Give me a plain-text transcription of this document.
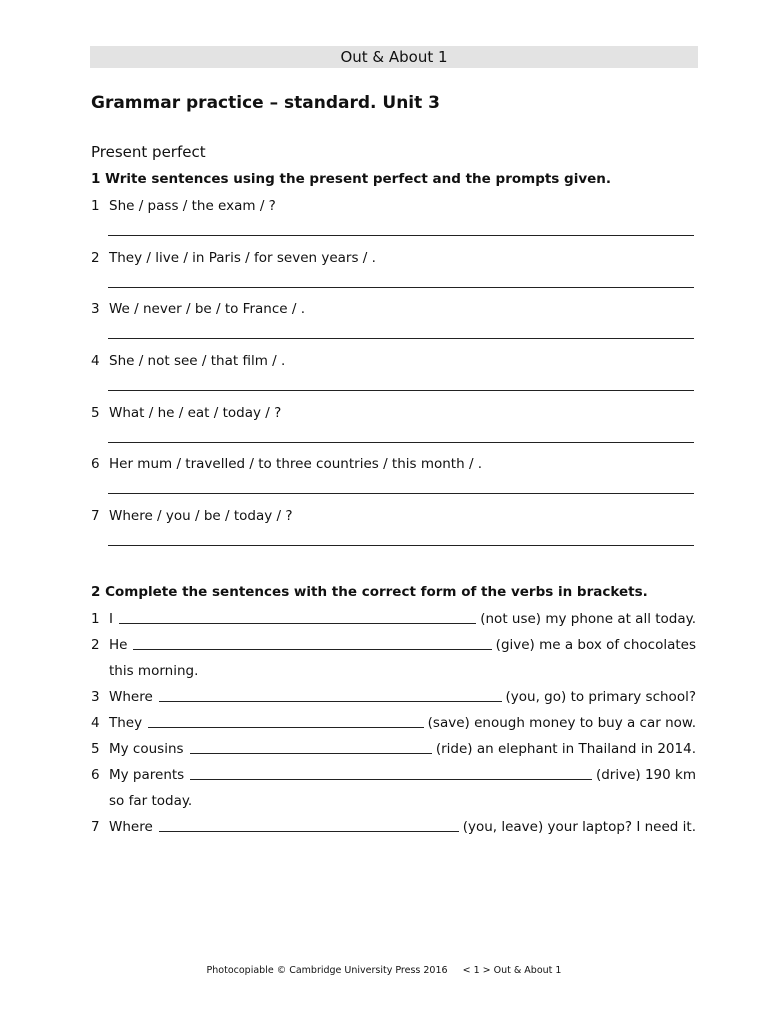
Out & About 1
Grammar practice – standard. Unit 3
Present perfect
1 Write sentences using the present perfect and the prompts given.
1 She / pass / the exam / ?
2 They / live / in Paris / for seven years / .
3 We / never / be / to France / .
4 She / not see / that film / .
5 What / he / eat / today / ?
6 Her mum / travelled / to three countries / this month / .
7 Where / you / be / today / ?
2 Complete the sentences with the correct form of the verbs in brackets.
1 I	(not use) my phone at all today.
2 He	(give) me a box of chocolates
this morning.
3 Where	(you, go) to primary school?
4 They	(save) enough money to buy a car now.
5 My cousins	(ride) an elephant in Thailand in 2014.
6 My parents	(drive) 190 km
so far today.
7 Where	(you, leave) your laptop? I need it.
Photocopiable © Cambridge University Press 2016 < 1 > Out & About 1
